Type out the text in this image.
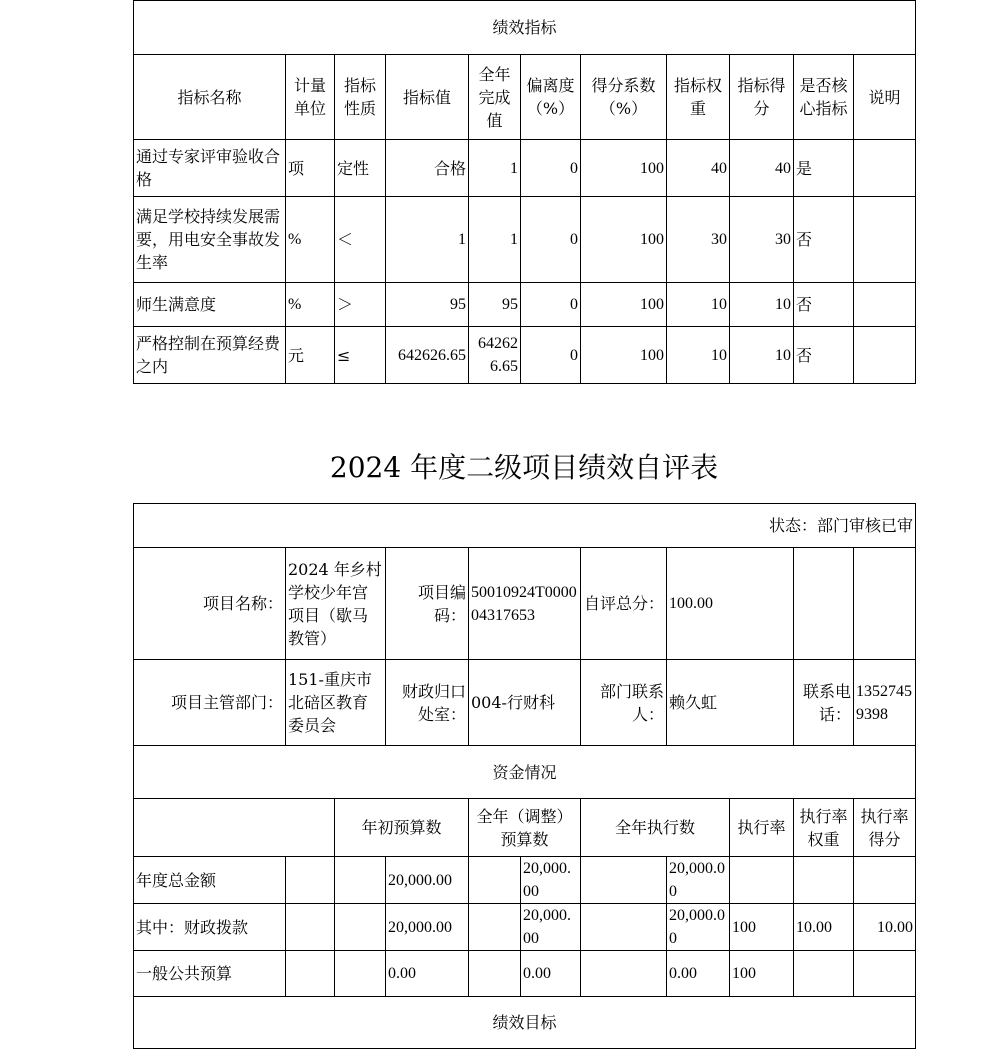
绩效指标										
指标名称	计量单位	指标性质	指标值	全年完成值	偏离度（%）	得分系数（%）	指标权重	指标得分	是否核心指标	说明
通过专家评审验收合格	项	定性	合格	1	0	100	40	40	是	
满足学校持续发展需要，用电安全事故发生率	%	＜	1	1	0	100	30	30	否	
师生满意度	%	＞	95	95	0	100	10	10	否	
严格控制在预算经费之内	元	≤	642626.65	642626.65	0	100	10	10	否	
2024 年度二级项目绩效自评表
状态：部门审核已审										
项目名称：	2024 年乡村学校少年宫项目（歇马教管）		项目编码：	50010924T000004317653		自评总分：	100.00			
项目主管部门：	151-重庆市北碚区教育委员会		财政归口处室：	004-行财科		部门联系人：	赖久虹		联系电话：	13527459398
资金情况										
		年初预算数		全年（调整）预算数		全年执行数		执行率	执行率权重	执行率得分
年度总金额			20,000.00		20,000.00		20,000.00			
其中：财政拨款			20,000.00		20,000.00		20,000.00	100	10.00	10.00
一般公共预算			0.00		0.00		0.00	100		
绩效目标										
